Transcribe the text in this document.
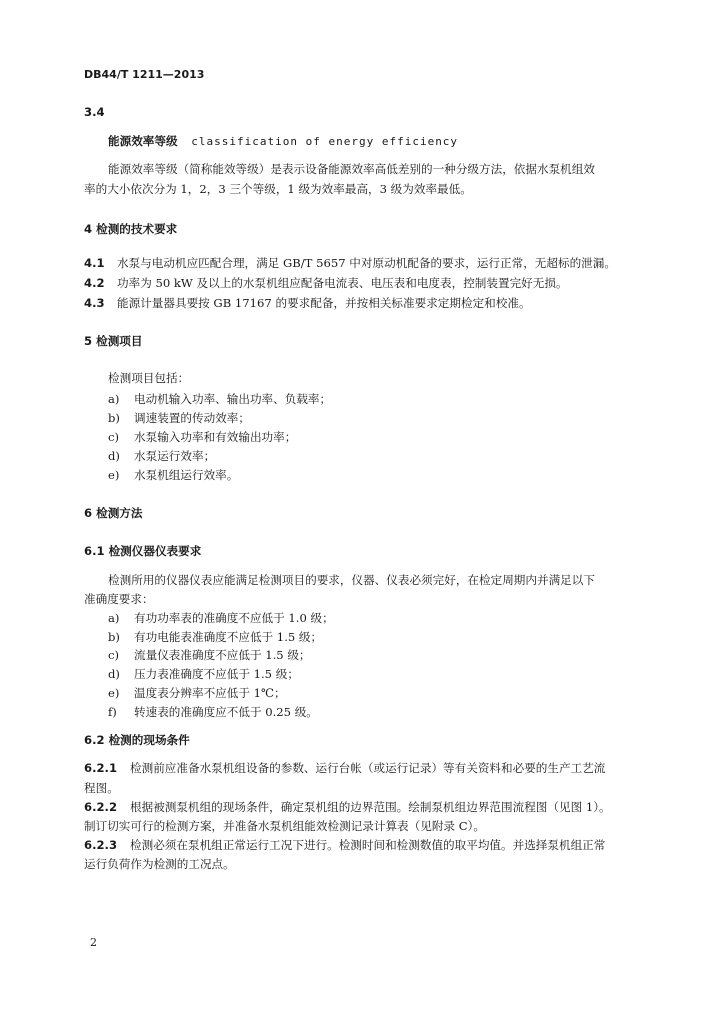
DB44/T 1211—2013
3.4
能源效率等级 classification of energy efficiency
能源效率等级（简称能效等级）是表示设备能源效率高低差别的一种分级方法，依据水泵机组效
率的大小依次分为 1，2，3 三个等级，1 级为效率最高，3 级为效率最低。
4 检测的技术要求
4.1 水泵与电动机应匹配合理，满足 GB/T 5657 中对原动机配备的要求，运行正常，无超标的泄漏。
4.2 功率为 50 kW 及以上的水泵机组应配备电流表、电压表和电度表，控制装置完好无损。
4.3 能源计量器具要按 GB 17167 的要求配备，并按相关标准要求定期检定和校准。
5 检测项目
检测项目包括：
a) 电动机输入功率、输出功率、负载率；
b) 调速装置的传动效率；
c) 水泵输入功率和有效输出功率；
d) 水泵运行效率；
e) 水泵机组运行效率。
6 检测方法
6.1 检测仪器仪表要求
检测所用的仪器仪表应能满足检测项目的要求，仪器、仪表必须完好，在检定周期内并满足以下
准确度要求：
a) 有功功率表的准确度不应低于 1.0 级；
b) 有功电能表准确度不应低于 1.5 级；
c) 流量仪表准确度不应低于 1.5 级；
d) 压力表准确度不应低于 1.5 级；
e) 温度表分辨率不应低于 1℃；
f) 转速表的准确度应不低于 0.25 级。
6.2 检测的现场条件
6.2.1 检测前应准备水泵机组设备的参数、运行台帐（或运行记录）等有关资料和必要的生产工艺流
程图。
6.2.2 根据被测泵机组的现场条件，确定泵机组的边界范围。绘制泵机组边界范围流程图（见图 1）。
制订切实可行的检测方案，并准备水泵机组能效检测记录计算表（见附录 C）。
6.2.3 检测必须在泵机组正常运行工况下进行。检测时间和检测数值的取平均值。并选择泵机组正常
运行负荷作为检测的工况点。
2
